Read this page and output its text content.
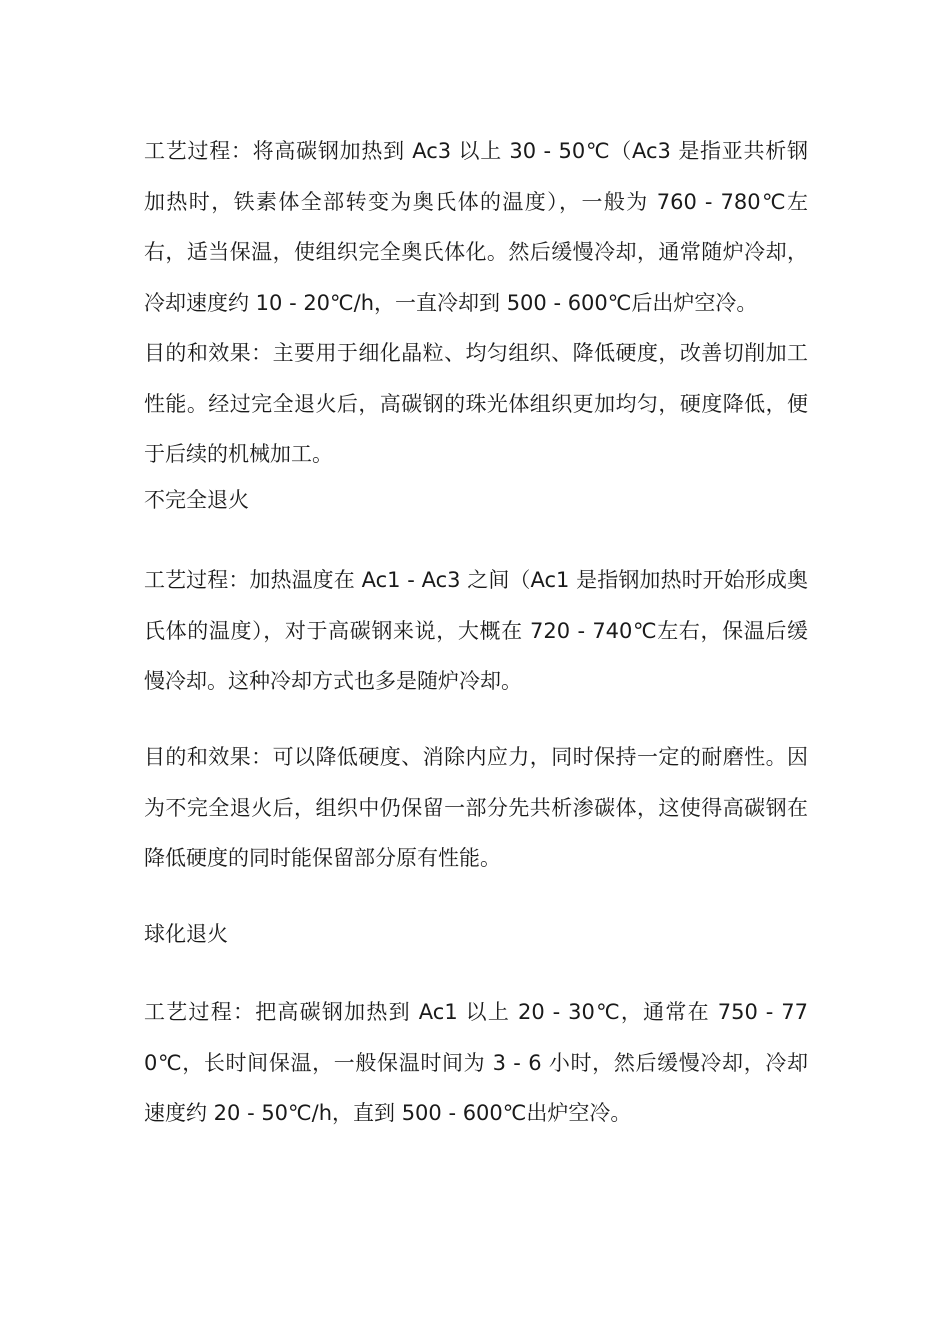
工艺过程：将高碳钢加热到 Ac3 以上 30 - 50℃（Ac3 是指亚共析钢加热时，铁素体全部转变为奥氏体的温度），一般为 760 - 780℃左右，适当保温，使组织完全奥氏体化。然后缓慢冷却，通常随炉冷却，冷却速度约 10 - 20℃/h，一直冷却到 500 - 600℃后出炉空冷。

目的和效果：主要用于细化晶粒、均匀组织、降低硬度，改善切削加工性能。经过完全退火后，高碳钢的珠光体组织更加均匀，硬度降低，便于后续的机械加工。

不完全退火

工艺过程：加热温度在 Ac1 - Ac3 之间（Ac1 是指钢加热时开始形成奥氏体的温度），对于高碳钢来说，大概在 720 - 740℃左右，保温后缓慢冷却。这种冷却方式也多是随炉冷却。

目的和效果：可以降低硬度、消除内应力，同时保持一定的耐磨性。因为不完全退火后，组织中仍保留一部分先共析渗碳体，这使得高碳钢在降低硬度的同时能保留部分原有性能。

球化退火

工艺过程：把高碳钢加热到 Ac1 以上 20 - 30℃，通常在 750 - 770℃，长时间保温，一般保温时间为 3 - 6 小时，然后缓慢冷却，冷却速度约 20 - 50℃/h，直到 500 - 600℃出炉空冷。
